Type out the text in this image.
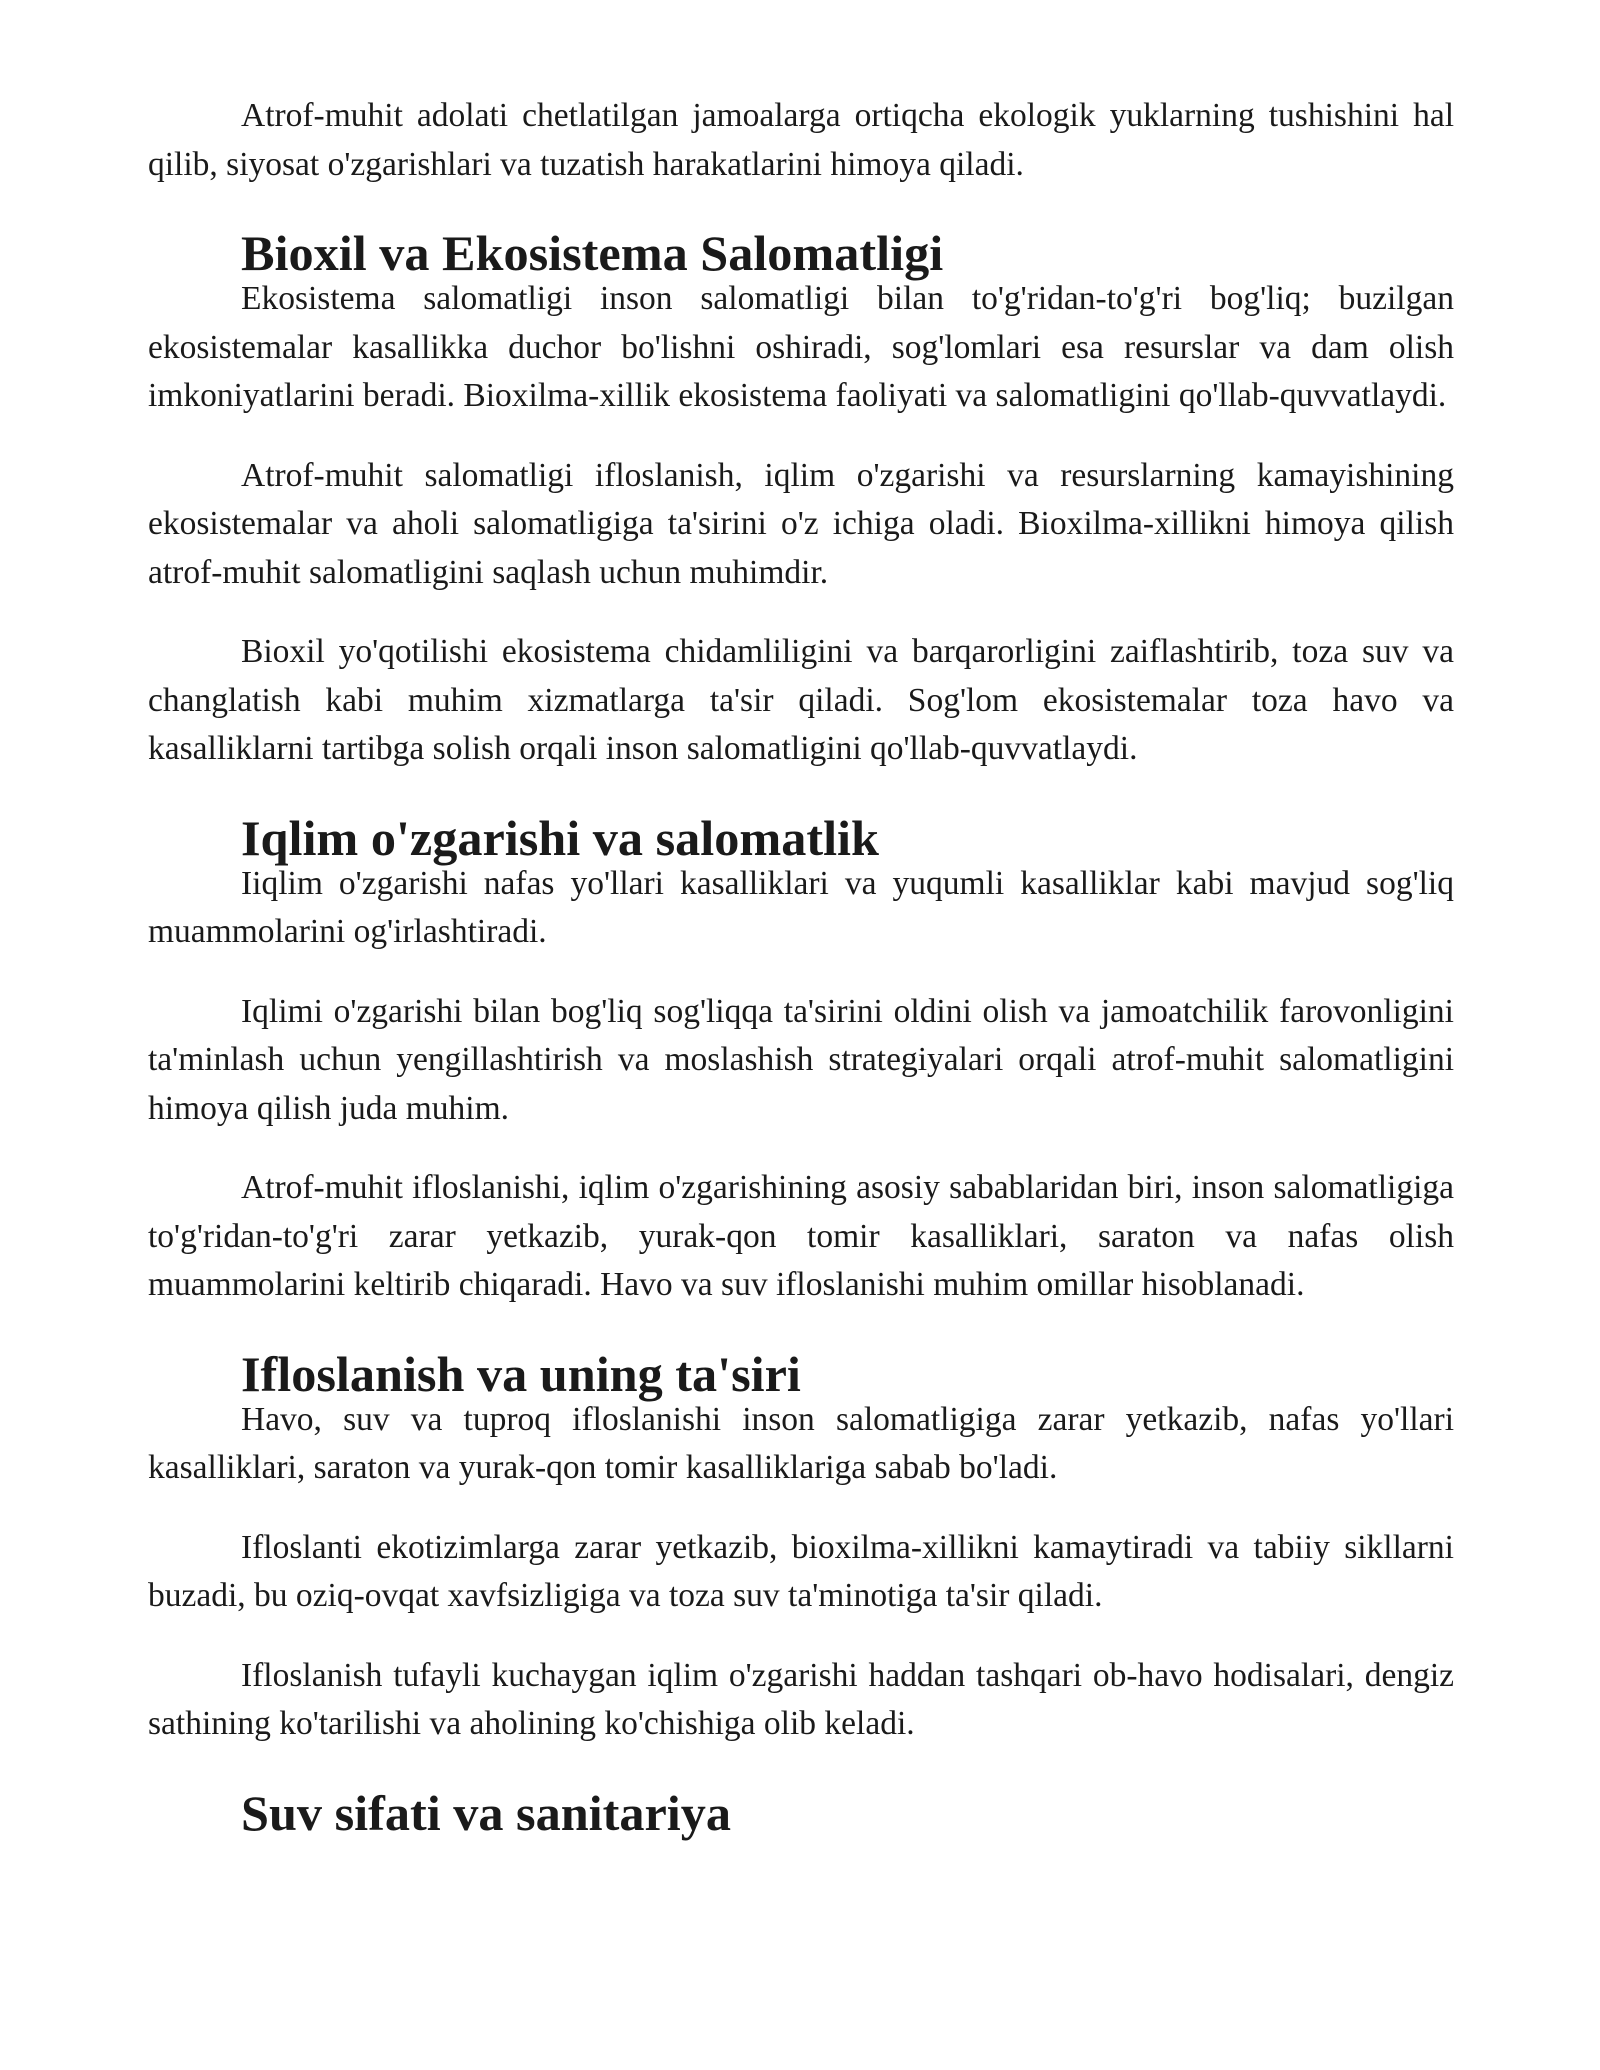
Atrof-muhit adolati chetlatilgan jamoalarga ortiqcha ekologik yuklarning tushishini hal qilib, siyosat o'zgarishlari va tuzatish harakatlarini himoya qiladi.

Bioxil va Ekosistema Salomatligi

Ekosistema salomatligi inson salomatligi bilan to'g'ridan-to'g'ri bog'liq; buzilgan ekosistemalar kasallikka duchor bo'lishni oshiradi, sog'lomlari esa resurslar va dam olish imkoniyatlarini beradi. Bioxilma-xillik ekosistema faoliyati va salomatligini qo'llab-quvvatlaydi.

Atrof-muhit salomatligi ifloslanish, iqlim o'zgarishi va resurslarning kamayishining ekosistemalar va aholi salomatligiga ta'sirini o'z ichiga oladi. Bioxilma-xillikni himoya qilish atrof-muhit salomatligini saqlash uchun muhimdir.

Bioxil yo'qotilishi ekosistema chidamliligini va barqarorligini zaiflashtirib, toza suv va changlatish kabi muhim xizmatlarga ta'sir qiladi. Sog'lom ekosistemalar toza havo va kasalliklarni tartibga solish orqali inson salomatligini qo'llab-quvvatlaydi.

Iqlim o'zgarishi va salomatlik

Iiqlim o'zgarishi nafas yo'llari kasalliklari va yuqumli kasalliklar kabi mavjud sog'liq muammolarini og'irlashtiradi.

Iqlimi o'zgarishi bilan bog'liq sog'liqqa ta'sirini oldini olish va jamoatchilik farovonligini ta'minlash uchun yengillashtirish va moslashish strategiyalari orqali atrof-muhit salomatligini himoya qilish juda muhim.

Atrof-muhit ifloslanishi, iqlim o'zgarishining asosiy sabablaridan biri, inson salomatligiga to'g'ridan-to'g'ri zarar yetkazib, yurak-qon tomir kasalliklari, saraton va nafas olish muammolarini keltirib chiqaradi. Havo va suv ifloslanishi muhim omillar hisoblanadi.

Ifloslanish va uning ta'siri

Havo, suv va tuproq ifloslanishi inson salomatligiga zarar yetkazib, nafas yo'llari kasalliklari, saraton va yurak-qon tomir kasalliklariga sabab bo'ladi.

Ifloslanti ekotizimlarga zarar yetkazib, bioxilma-xillikni kamaytiradi va tabiiy sikllarni buzadi, bu oziq-ovqat xavfsizligiga va toza suv ta'minotiga ta'sir qiladi.

Ifloslanish tufayli kuchaygan iqlim o'zgarishi haddan tashqari ob-havo hodisalari, dengiz sathining ko'tarilishi va aholining ko'chishiga olib keladi.

Suv sifati va sanitariya
